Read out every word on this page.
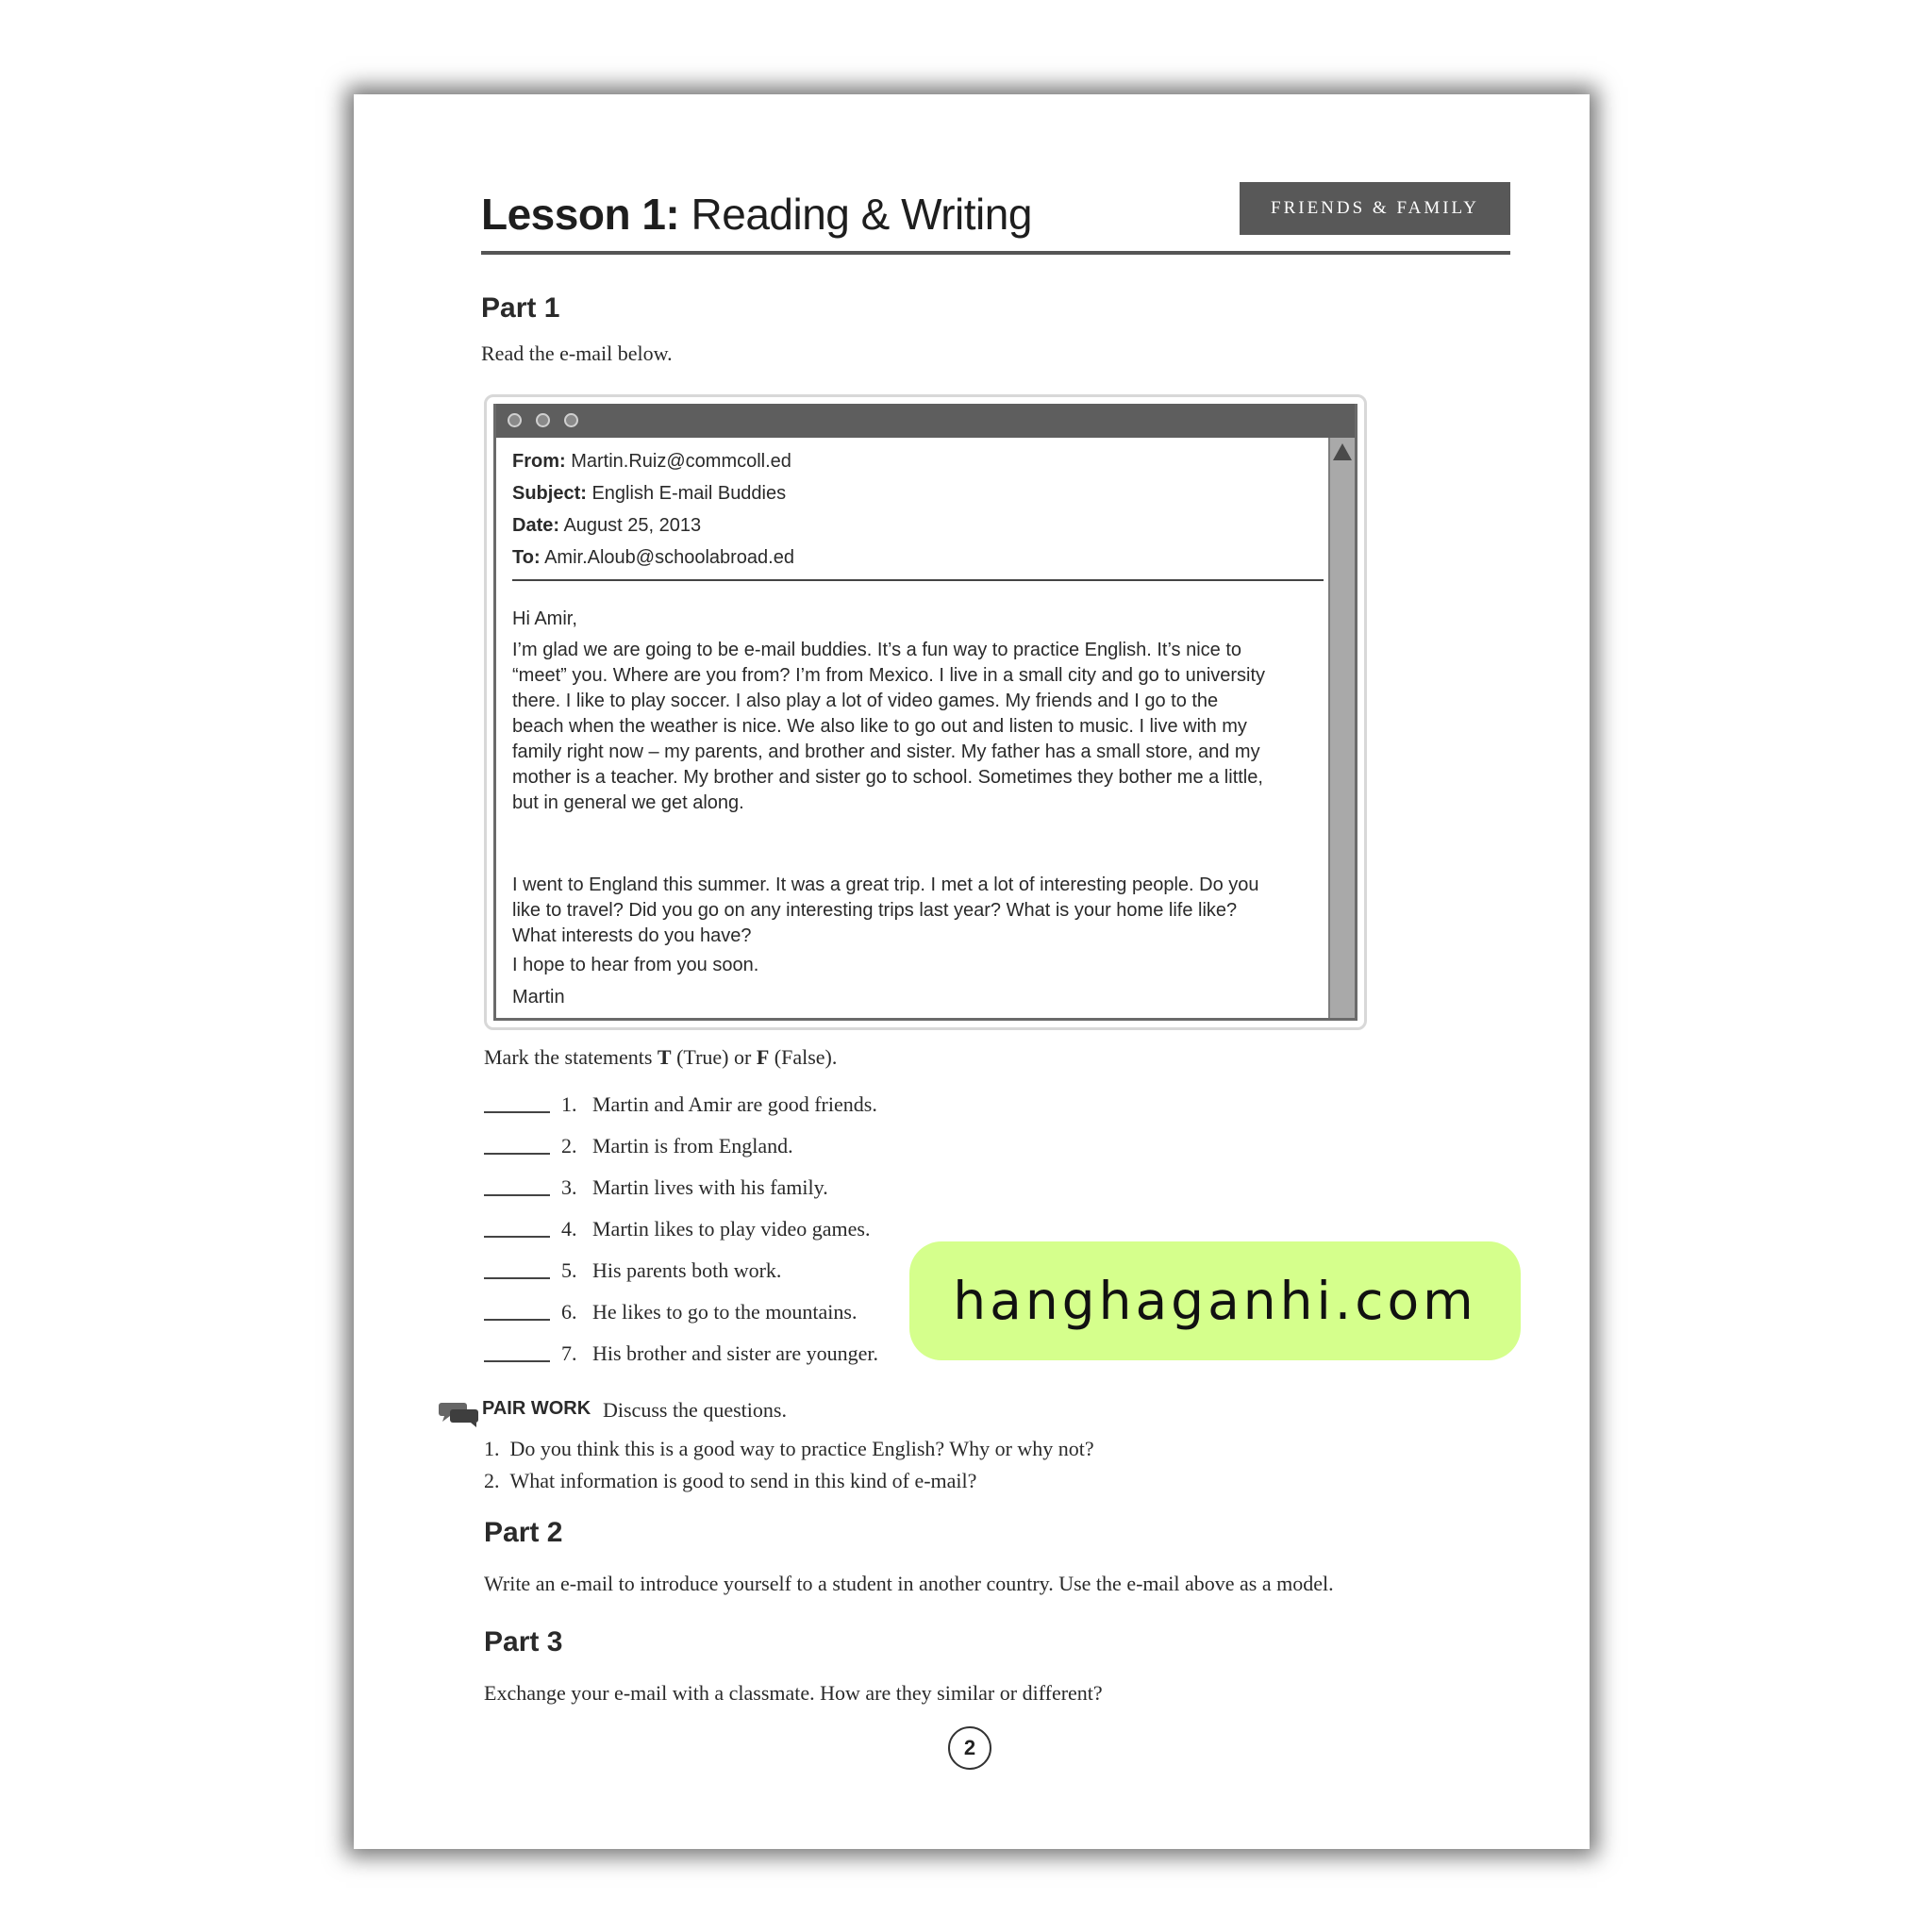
Lesson 1: Reading & Writing	FRIENDS & FAMILY
Part 1
Read the e-mail below.
From: Martin.Ruiz@commcoll.ed
Subject: English E-mail Buddies
Date: August 25, 2013
To: Amir.Aloub@schoolabroad.ed

Hi Amir,

I’m glad we are going to be e-mail buddies. It’s a fun way to practice English. It’s nice to “meet” you. Where are you from? I’m from Mexico. I live in a small city and go to university there. I like to play soccer. I also play a lot of video games. My friends and I go to the beach when the weather is nice. We also like to go out and listen to music. I live with my family right now – my parents, and brother and sister. My father has a small store, and my mother is a teacher. My brother and sister go to school. Sometimes they bother me a little, but in general we get along.

I went to England this summer. It was a great trip. I met a lot of interesting people. Do you like to travel? Did you go on any interesting trips last year? What is your home life like? What interests do you have?

I hope to hear from you soon.

Martin

Mark the statements T (True) or F (False).
1. Martin and Amir are good friends.
2. Martin is from England.
3. Martin lives with his family.
4. Martin likes to play video games.
5. His parents both work.
6. He likes to go to the mountains.
7. His brother and sister are younger.
PAIR WORK Discuss the questions.
1. Do you think this is a good way to practice English? Why or why not?
2. What information is good to send in this kind of e-mail?
Part 2
Write an e-mail to introduce yourself to a student in another country. Use the e-mail above as a model.
Part 3
Exchange your e-mail with a classmate. How are they similar or different?
2
hanghaganhi.com
